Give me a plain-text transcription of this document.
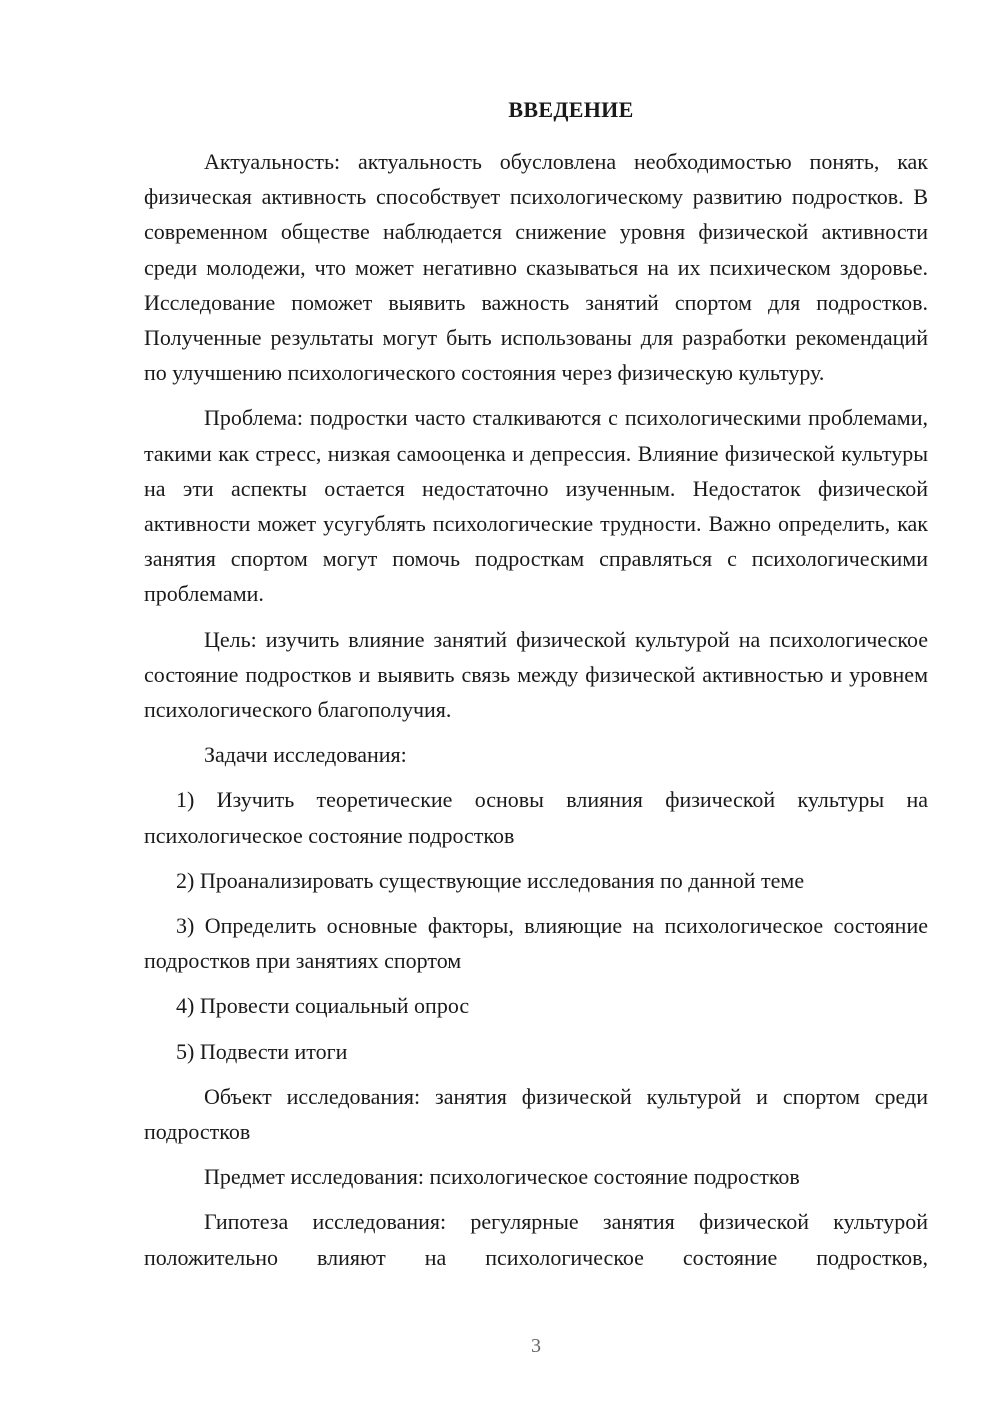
ВВЕДЕНИЕ

Актуальность: актуальность обусловлена необходимостью понять, как физическая активность способствует психологическому развитию подростков. В современном обществе наблюдается снижение уровня физической активности среди молодежи, что может негативно сказываться на их психическом здоровье. Исследование поможет выявить важность занятий спортом для подростков. Полученные результаты могут быть использованы для разработки рекомендаций по улучшению психологического состояния через физическую культуру.

Проблема: подростки часто сталкиваются с психологическими проблемами, такими как стресс, низкая самооценка и депрессия. Влияние физической культуры на эти аспекты остается недостаточно изученным. Недостаток физической активности может усугублять психологические трудности. Важно определить, как занятия спортом могут помочь подросткам справляться с психологическими проблемами.

Цель: изучить влияние занятий физической культурой на психологическое состояние подростков и выявить связь между физической активностью и уровнем психологического благополучия.

Задачи исследования:

1) Изучить теоретические основы влияния физической культуры на психологическое состояние подростков

2) Проанализировать существующие исследования по данной теме

3) Определить основные факторы, влияющие на психологическое состояние подростков при занятиях спортом

4) Провести социальный опрос

5) Подвести итоги

Объект исследования: занятия физической культурой и спортом среди подростков

Предмет исследования: психологическое состояние подростков

Гипотеза исследования: регулярные занятия физической культурой положительно влияют на психологическое состояние подростков,

3
